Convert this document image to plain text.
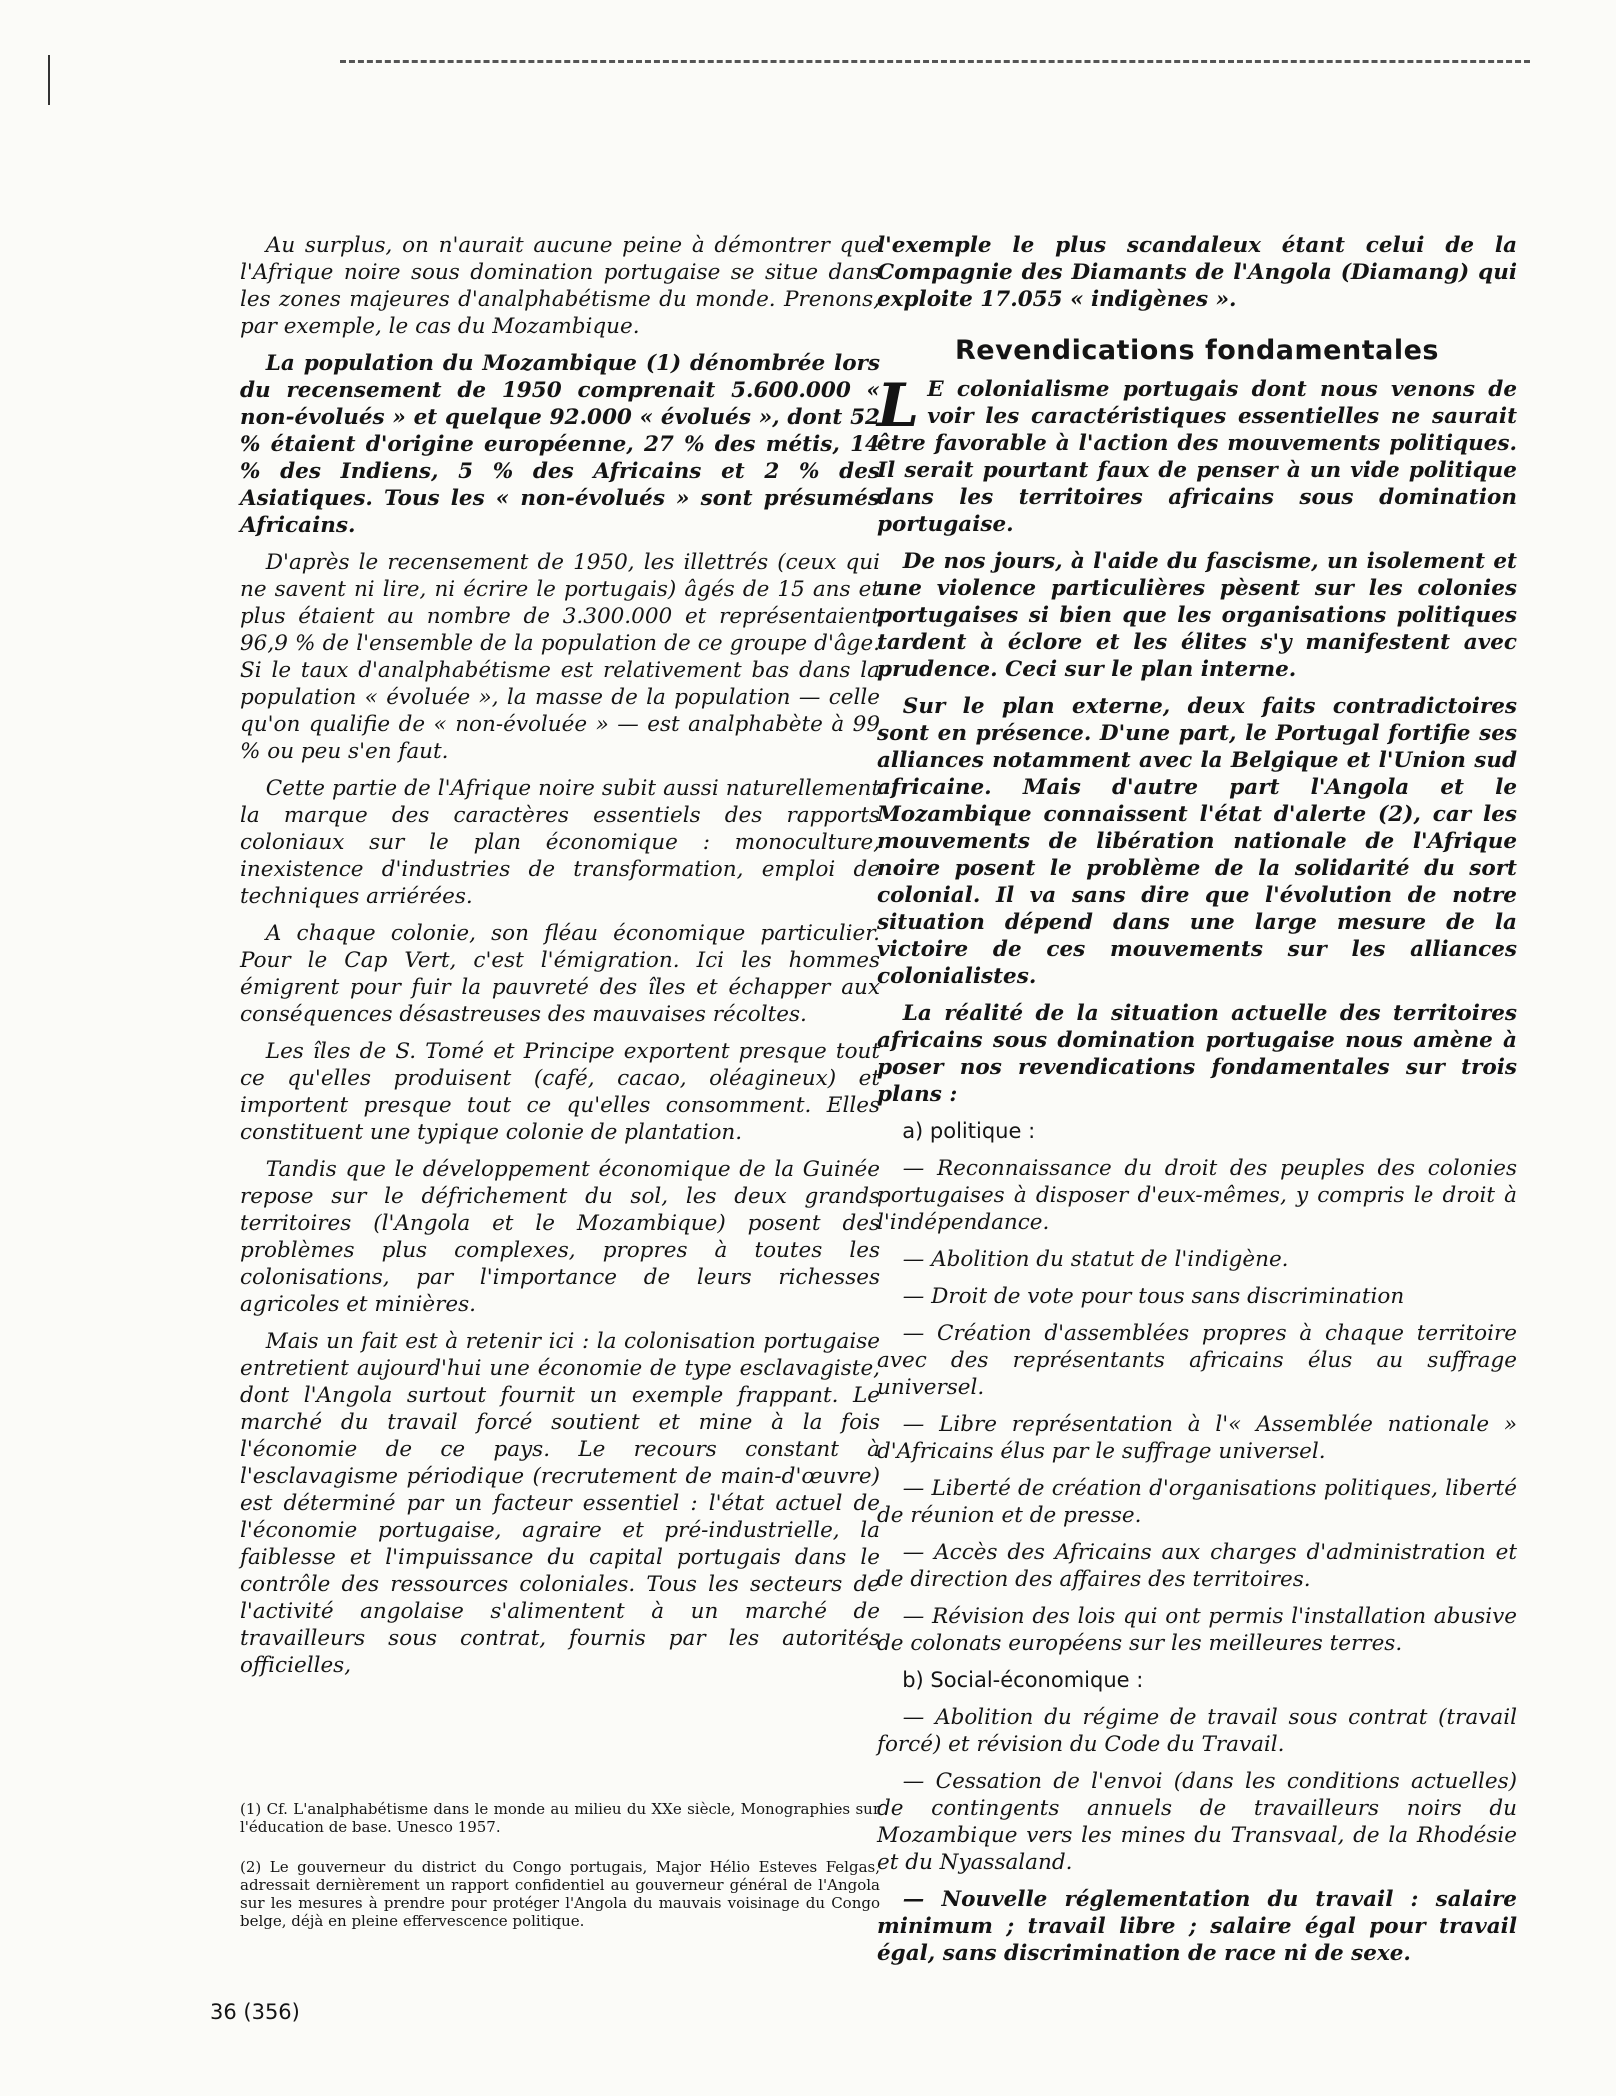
Au surplus, on n'aurait aucune peine à démontrer que l'Afrique noire sous domination portugaise se situe dans les zones majeures d'analphabétisme du monde. Prenons, par exemple, le cas du Mozambique.

La population du Mozambique (1) dénombrée lors du recensement de 1950 comprenait 5.600.000 « non-évolués » et quelque 92.000 « évolués », dont 52 % étaient d'origine européenne, 27 % des métis, 14 % des Indiens, 5 % des Africains et 2 % des Asiatiques. Tous les « non-évolués » sont présumés Africains.

D'après le recensement de 1950, les illettrés (ceux qui ne savent ni lire, ni écrire le portugais) âgés de 15 ans et plus étaient au nombre de 3.300.000 et représentaient 96,9 % de l'ensemble de la population de ce groupe d'âge. Si le taux d'analphabétisme est relativement bas dans la population « évoluée », la masse de la population — celle qu'on qualifie de « non-évoluée » — est analphabète à 99 % ou peu s'en faut.

Cette partie de l'Afrique noire subit aussi naturellement la marque des caractères essentiels des rapports coloniaux sur le plan économique : monoculture, inexistence d'industries de transformation, emploi de techniques arriérées.

A chaque colonie, son fléau économique particulier. Pour le Cap Vert, c'est l'émigration. Ici les hommes émigrent pour fuir la pauvreté des îles et échapper aux conséquences désastreuses des mauvaises récoltes.

Les îles de S. Tomé et Principe exportent presque tout ce qu'elles produisent (café, cacao, oléagineux) et importent presque tout ce qu'elles consomment. Elles constituent une typique colonie de plantation.

Tandis que le développement économique de la Guinée repose sur le défrichement du sol, les deux grands territoires (l'Angola et le Mozambique) posent des problèmes plus complexes, propres à toutes les colonisations, par l'importance de leurs richesses agricoles et minières.

Mais un fait est à retenir ici : la colonisation portugaise entretient aujourd'hui une économie de type esclavagiste, dont l'Angola surtout fournit un exemple frappant. Le marché du travail forcé soutient et mine à la fois l'économie de ce pays. Le recours constant à l'esclavagisme périodique (recrutement de main-d'œuvre) est déterminé par un facteur essentiel : l'état actuel de l'économie portugaise, agraire et pré-industrielle, la faiblesse et l'impuissance du capital portugais dans le contrôle des ressources coloniales. Tous les secteurs de l'activité angolaise s'alimentent à un marché de travailleurs sous contrat, fournis par les autorités officielles,

(1) Cf. L'analphabétisme dans le monde au milieu du XXe siècle, Monographies sur l'éducation de base. Unesco 1957.
(2) Le gouverneur du district du Congo portugais, Major Hélio Esteves Felgas, adressait dernièrement un rapport confidentiel au gouverneur général de l'Angola sur les mesures à prendre pour protéger l'Angola du mauvais voisinage du Congo belge, déjà en pleine effervescence politique.
36 (356)

l'exemple le plus scandaleux étant celui de la Compagnie des Diamants de l'Angola (Diamang) qui exploite 17.055 « indigènes ».

Revendications fondamentales

L E colonialisme portugais dont nous venons de voir les caractéristiques essentielles ne saurait être favorable à l'action des mouvements politiques. Il serait pourtant faux de penser à un vide politique dans les territoires africains sous domination portugaise.

De nos jours, à l'aide du fascisme, un isolement et une violence particulières pèsent sur les colonies portugaises si bien que les organisations politiques tardent à éclore et les élites s'y manifestent avec prudence. Ceci sur le plan interne.

Sur le plan externe, deux faits contradictoires sont en présence. D'une part, le Portugal fortifie ses alliances notamment avec la Belgique et l'Union sud africaine. Mais d'autre part l'Angola et le Mozambique connaissent l'état d'alerte (2), car les mouvements de libération nationale de l'Afrique noire posent le problème de la solidarité du sort colonial. Il va sans dire que l'évolution de notre situation dépend dans une large mesure de la victoire de ces mouvements sur les alliances colonialistes.

La réalité de la situation actuelle des territoires africains sous domination portugaise nous amène à poser nos revendications fondamentales sur trois plans :

a) politique :

— Reconnaissance du droit des peuples des colonies portugaises à disposer d'eux-mêmes, y compris le droit à l'indépendance.

— Abolition du statut de l'indigène.

— Droit de vote pour tous sans discrimination

— Création d'assemblées propres à chaque territoire avec des représentants africains élus au suffrage universel.

— Libre représentation à l'« Assemblée nationale » d'Africains élus par le suffrage universel.

— Liberté de création d'organisations politiques, liberté de réunion et de presse.

— Accès des Africains aux charges d'administration et de direction des affaires des territoires.

— Révision des lois qui ont permis l'installation abusive de colonats européens sur les meilleures terres.

b) Social-économique :

— Abolition du régime de travail sous contrat (travail forcé) et révision du Code du Travail.

— Cessation de l'envoi (dans les conditions actuelles) de contingents annuels de travailleurs noirs du Mozambique vers les mines du Transvaal, de la Rhodésie et du Nyassaland.

— Nouvelle réglementation du travail : salaire minimum ; travail libre ; salaire égal pour travail égal, sans discrimination de race ni de sexe.
